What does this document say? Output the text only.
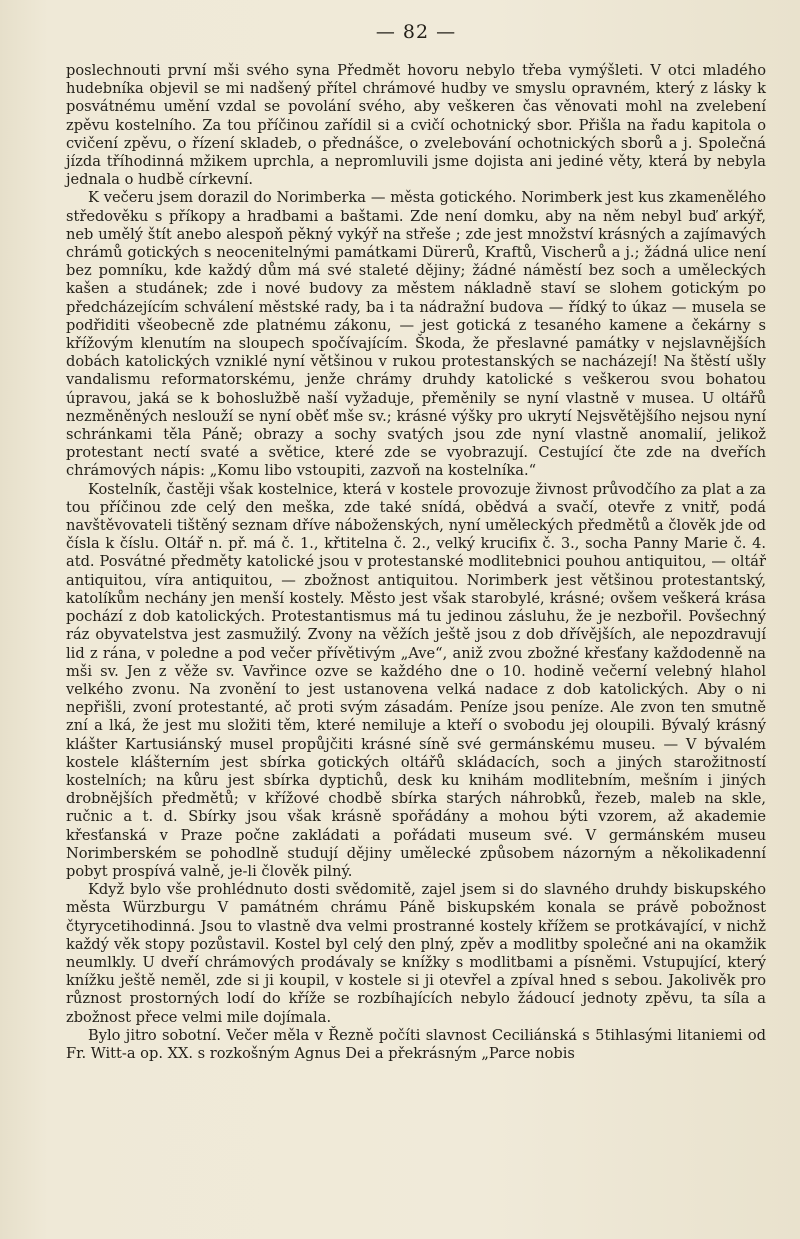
— 82 —

poslechnouti první mši svého syna Předmět hovoru nebylo třeba vymýšleti. V otci mladého hudebníka objevil se mi nadšený přítel chrámové hudby ve smyslu opravném, který z lásky k posvátnému umění vzdal se povolání svého, aby veškeren čas věnovati mohl na zvelebení zpěvu kostelního. Za tou příčinou zařídil si a cvičí ochotnický sbor. Přišla na řadu kapitola o cvičení zpěvu, o řízení skladeb, o přednášce, o zvelebování ochotnických sborů a j. Společná jízda tříhodinná mžikem uprchla, a nepromluvili jsme dojista ani jediné věty, která by nebyla jednala o hudbě církevní.

K večeru jsem dorazil do Norimberka — města gotického. Norimberk jest kus zkamenělého středověku s příkopy a hradbami a baštami. Zde není domku, aby na něm nebyl buď arkýř, neb umělý štít anebo alespoň pěkný vykýř na střeše ; zde jest množství krásných a zajímavých chrámů gotických s neocenitelnými památkami Dürerů, Kraftů, Vischerů a j.; žádná ulice není bez pomníku, kde každý dům má své staleté dějiny; žádné náměstí bez soch a uměleckých kašen a studánek; zde i nové budovy za městem nákladně staví se slohem gotickým po předcházejícím schválení městské rady, ba i ta nádražní budova — řídký to úkaz — musela se podřiditi všeobecně zde platnému zákonu, — jest gotická z tesaného kamene a čekárny s křížovým klenutím na sloupech spočívajícím. Škoda, že přeslavné památky v nejslavnějších dobách katolických vzniklé nyní většinou v rukou protestanských se nacházejí! Na štěstí ušly vandalismu reformatorskému, jenže chrámy druhdy katolické s veškerou svou bohatou úpravou, jaká se k bohoslužbě naší vyžaduje, přeměnily se nyní vlastně v musea. U oltářů nezměněných neslouží se nyní oběť mše sv.; krásné výšky pro ukrytí Nejsvětějšího nejsou nyní schránkami těla Páně; obrazy a sochy svatých jsou zde nyní vlastně anomalií, jelikož protestant nectí svaté a světice, které zde se vyobrazují. Cestující čte zde na dveřích chrámových nápis: „Komu libo vstoupiti, zazvoň na kostelníka.“

Kostelník, častěji však kostelnice, která v kostele provozuje živnost průvodčího za plat a za tou příčinou zde celý den meška, zde také snídá, obědvá a svačí, otevře z vnitř, podá navštěvovateli tištěný seznam dříve náboženských, nyní uměleckých předmětů a člověk jde od čísla k číslu. Oltář n. př. má č. 1., křtitelna č. 2., velký krucifix č. 3., socha Panny Marie č. 4. atd. Posvátné předměty katolické jsou v protestanské modlitebnici pouhou antiquitou, — oltář antiquitou, víra antiquitou, — zbožnost antiquitou. Norimberk jest většinou protestantský, katolíkům nechány jen menší kostely. Město jest však starobylé, krásné; ovšem veškerá krása pochází z dob katolických. Protestantismus má tu jedinou zásluhu, že je nezbořil. Povšechný ráz obyvatelstva jest zasmužilý. Zvony na věžích ještě jsou z dob dřívějších, ale nepozdravují lid z rána, v poledne a pod večer přívětivým „Ave“, aniž zvou zbožné křesťany každodenně na mši sv. Jen z věže sv. Vavřince ozve se každého dne o 10. hodině večerní velebný hlahol velkého zvonu. Na zvonění to jest ustanovena velká nadace z dob katolických. Aby o ni nepřišli, zvoní protestanté, ač proti svým zásadám. Peníze jsou peníze. Ale zvon ten smutně zní a lká, že jest mu složiti těm, které nemiluje a kteří o svobodu jej oloupili. Bývalý krásný klášter Kartusiánský musel propůjčiti krásné síně své germánskému museu. — V bývalém kostele klášterním jest sbírka gotických oltářů skládacích, soch a jiných starožitností kostelních; na kůru jest sbírka dyptichů, desk ku knihám modlitebním, mešním i jiných drobnějších předmětů; v křížové chodbě sbírka starých náhrobků, řezeb, maleb na skle, ručnic a t. d. Sbírky jsou však krásně spořádány a mohou býti vzorem, až akademie křesťanská v Praze počne zakládati a pořádati museum své. V germánském museu Norimberském se pohodlně studují dějiny umělecké způsobem názorným a několikadenní pobyt prospívá valně, je-li člověk pilný.

Když bylo vše prohlédnuto dosti svědomitě, zajel jsem si do slavného druhdy biskupského města Würzburgu V památném chrámu Páně biskupském konala se právě pobožnost čtyrycetihodinná. Jsou to vlastně dva velmi prostranné kostely křížem se protkávající, v nichž každý věk stopy pozůstavil. Kostel byl celý den plný, zpěv a modlitby společné ani na okamžik neumlkly. U dveří chrámových prodávaly se knížky s modlitbami a písněmi. Vstupující, který knížku ještě neměl, zde si ji koupil, v kostele si ji otevřel a zpíval hned s sebou. Jakolivěk pro různost prostorných lodí do kříže se rozbíhajících nebylo žádoucí jednoty zpěvu, ta síla a zbožnost přece velmi mile dojímala.

Bylo jitro sobotní. Večer měla v Řezně počíti slavnost Ceciliánská s 5tihlasými litaniemi od Fr. Witt-a op. XX. s rozkošným Agnus Dei a překrásným „Parce nobis
